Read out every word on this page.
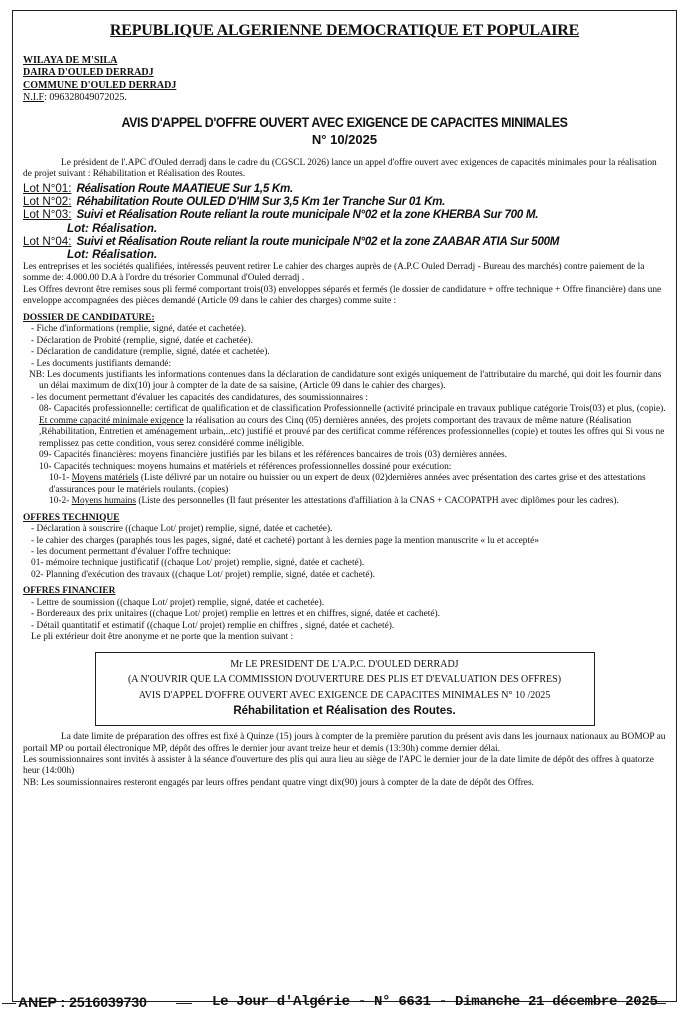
REPUBLIQUE ALGERIENNE DEMOCRATIQUE ET POPULAIRE
WILAYA DE M'SILA
DAIRA D'OULED DERRADJ
COMMUNE D'OULED DERRADJ
N.I.F: 096328049072025.
AVIS D'APPEL D'OFFRE OUVERT AVEC EXIGENCE DE CAPACITES MINIMALES
N° 10/2025

Le président de l'.APC d'Ouled derradj dans le cadre du (CGSCL 2026) lance un appel d'offre ouvert avec exigences de capacités minimales pour la réalisation de projet suivant : Réhabilitation et Réalisation des Routes.

Lot N°01: Réalisation Route MAATIEUE Sur 1,5 Km.
Lot N°02: Réhabilitation Route OULED D'HIM Sur 3,5 Km 1er Tranche Sur 01 Km.
Lot N°03: Suivi et Réalisation Route reliant la route municipale N°02 et la zone KHERBA Sur 700 M.
Lot: Réalisation.
Lot N°04: Suivi et Réalisation Route reliant la route municipale N°02 et la zone ZAABAR ATIA Sur 500M
Lot: Réalisation.

Les entreprises et les sociétés qualifiées, intéressés peuvent retirer Le cahier des charges auprès de (A.P.C Ouled Derradj - Bureau des marchés) contre paiement de la somme de: 4.000.00 D.A à l'ordre du trésorier Communal d'Ouled derradj .

Les Offres devront être remises sous pli fermé comportant trois(03) enveloppes séparés et fermés (le dossier de candidature + offre technique + Offre financière) dans une enveloppe accompagnées des pièces demandé (Article 09 dans le cahier des charges) comme suite :

DOSSIER DE CANDIDATURE:
- Fiche d'informations (remplie, signé, datée et cachetée).
- Déclaration de Probité (remplie, signé, datée et cachetée).
- Déclaration de candidature (remplie, signé, datée et cachetée).
- Les documents justifiants demandé:
NB: Les documents justifiants les informations contenues dans la déclaration de candidature sont exigés uniquement de l'attributaire du marché, qui doit les fournir dans un délai maximum de dix(10) jour à compter de la date de sa saisine, (Article 09 dans le cahier des charges).
- les document permettant d'évaluer les capacités des candidatures, des soumissionnaires :
08- Capacités professionnelle: certificat de qualification et de classification Professionnelle (activité principale en travaux publique catégorie Trois(03) et plus, (copie). Et comme capacité minimale exigence la réalisation au cours des Cinq (05) dernières années, des projets comportant des travaux de même nature (Réalisation ,Réhabilitation, Entretien et aménagement urbain,..etc) justifié et prouvé par des certificat comme références professionnelles (copie) et toutes les offres qui Si vous ne remplissez pas cette condition, vous serez considéré comme inéligible.
09- Capacités financières: moyens financière justifiés par les bilans et les références bancaires de trois (03) dernières années.
10- Capacités techniques: moyens humains et matériels et références professionnelles dossiné pour exécution:
10-1- Moyens matériels (Liste délivré par un notaire ou huissier ou un expert de deux (02)dernières années avec présentation des cartes grise et des attestations d'assurances pour le matériels roulants. (copies)
10-2- Moyens humains (Liste des personnelles (Il faut présenter les attestations d'affiliation à la CNAS + CACOPATPH avec diplômes pour les cadres).
OFFRES TECHNIQUE
- Déclaration à souscrire ((chaque Lot/ projet) remplie, signé, datée et cachetée).
- le cahier des charges (paraphés tous les pages, signé, daté et cacheté) portant à les dernies page la mention manuscrite « lu et accepté»
- les document permettant d'évaluer l'offre technique:
01- mémoire technique justificatif ((chaque Lot/ projet) remplie, signé, datée et cacheté).
02- Planning d'exécution des travaux ((chaque Lot/ projet) remplie, signé, datée et cacheté).
OFFRES FINANCIER
- Lettre de soumission ((chaque Lot/ projet) remplie, signé, datée et cachetée).
- Bordereaux des prix unitaires ((chaque Lot/ projet) remplie en lettres et en chiffres, signé, datée et cacheté).
- Détail quantitatif et estimatif ((chaque Lot/ projet) remplie en chiffres , signé, datée et cacheté).
Le pli extérieur doit être anonyme et ne porte que la mention suivant :
Mr LE PRESIDENT DE L'A.P.C. D'OULED DERRADJ
(A N'OUVRIR QUE LA COMMISSION D'OUVERTURE DES PLIS ET D'EVALUATION DES OFFRES)
AVIS D'APPEL D'OFFRE OUVERT AVEC EXIGENCE DE CAPACITES MINIMALES N° 10 /2025
Réhabilitation et Réalisation des Routes.

La date limite de préparation des offres est fixé à Quinze (15) jours à compter de la première parution du présent avis dans les journaux nationaux au BOMOP au portail MP ou portail électronique MP, dépôt des offres le dernier jour avant treize heur et demis (13:30h) comme dernier délai.

Les soumissionnaires sont invités à assister à la séance d'ouverture des plis qui aura lieu au siège de l'APC le dernier jour de la date limite de dépôt des offres à quatorze heur (14:00h)

NB: Les soumissionnaires resteront engagés par leurs offres pendant quatre vingt dix(90) jours à compter de la date de dépôt des Offres.

ANEP : 2516039730	Le Jour d'Algérie - N° 6631 - Dimanche 21 décembre 2025
